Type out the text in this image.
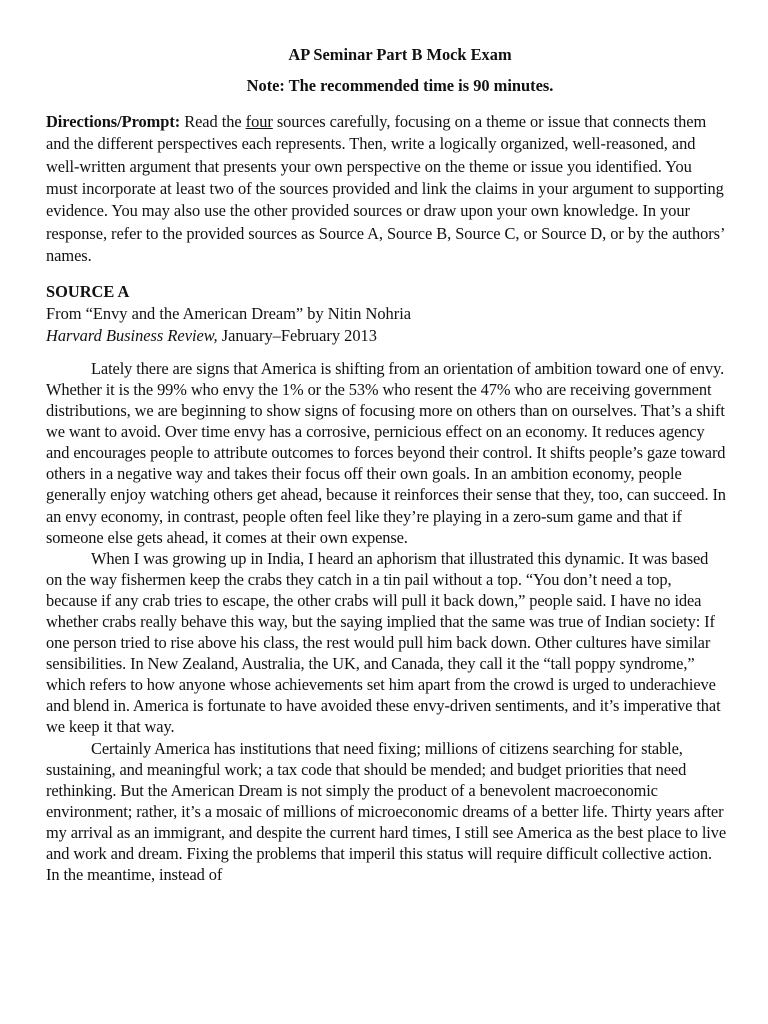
AP Seminar Part B Mock Exam

Note: The recommended time is 90 minutes.

Directions/Prompt: Read the four sources carefully, focusing on a theme or issue that connects them and the different perspectives each represents. Then, write a logically organized, well-reasoned, and well-written argument that presents your own perspective on the theme or issue you identified. You must incorporate at least two of the sources provided and link the claims in your argument to supporting evidence. You may also use the other provided sources or draw upon your own knowledge. In your response, refer to the provided sources as Source A, Source B, Source C, or Source D, or by the authors’ names.

SOURCE A
From “Envy and the American Dream” by Nitin Nohria
Harvard Business Review, January–February 2013

Lately there are signs that America is shifting from an orientation of ambition toward one of envy. Whether it is the 99% who envy the 1% or the 53% who resent the 47% who are receiving government distributions, we are beginning to show signs of focusing more on others than on ourselves. That’s a shift we want to avoid. Over time envy has a corrosive, pernicious effect on an economy. It reduces agency and encourages people to attribute outcomes to forces beyond their control. It shifts people’s gaze toward others in a negative way and takes their focus off their own goals. In an ambition economy, people generally enjoy watching others get ahead, because it reinforces their sense that they, too, can succeed. In an envy economy, in contrast, people often feel like they’re playing in a zero-sum game and that if someone else gets ahead, it comes at their own expense.

When I was growing up in India, I heard an aphorism that illustrated this dynamic. It was based on the way fishermen keep the crabs they catch in a tin pail without a top. “You don’t need a top, because if any crab tries to escape, the other crabs will pull it back down,” people said. I have no idea whether crabs really behave this way, but the saying implied that the same was true of Indian society: If one person tried to rise above his class, the rest would pull him back down. Other cultures have similar sensibilities. In New Zealand, Australia, the UK, and Canada, they call it the “tall poppy syndrome,” which refers to how anyone whose achievements set him apart from the crowd is urged to underachieve and blend in. America is fortunate to have avoided these envy-driven sentiments, and it’s imperative that we keep it that way.

Certainly America has institutions that need fixing; millions of citizens searching for stable, sustaining, and meaningful work; a tax code that should be mended; and budget priorities that need rethinking. But the American Dream is not simply the product of a benevolent macroeconomic environment; rather, it’s a mosaic of millions of microeconomic dreams of a better life. Thirty years after my arrival as an immigrant, and despite the current hard times, I still see America as the best place to live and work and dream. Fixing the problems that imperil this status will require difficult collective action. In the meantime, instead of
